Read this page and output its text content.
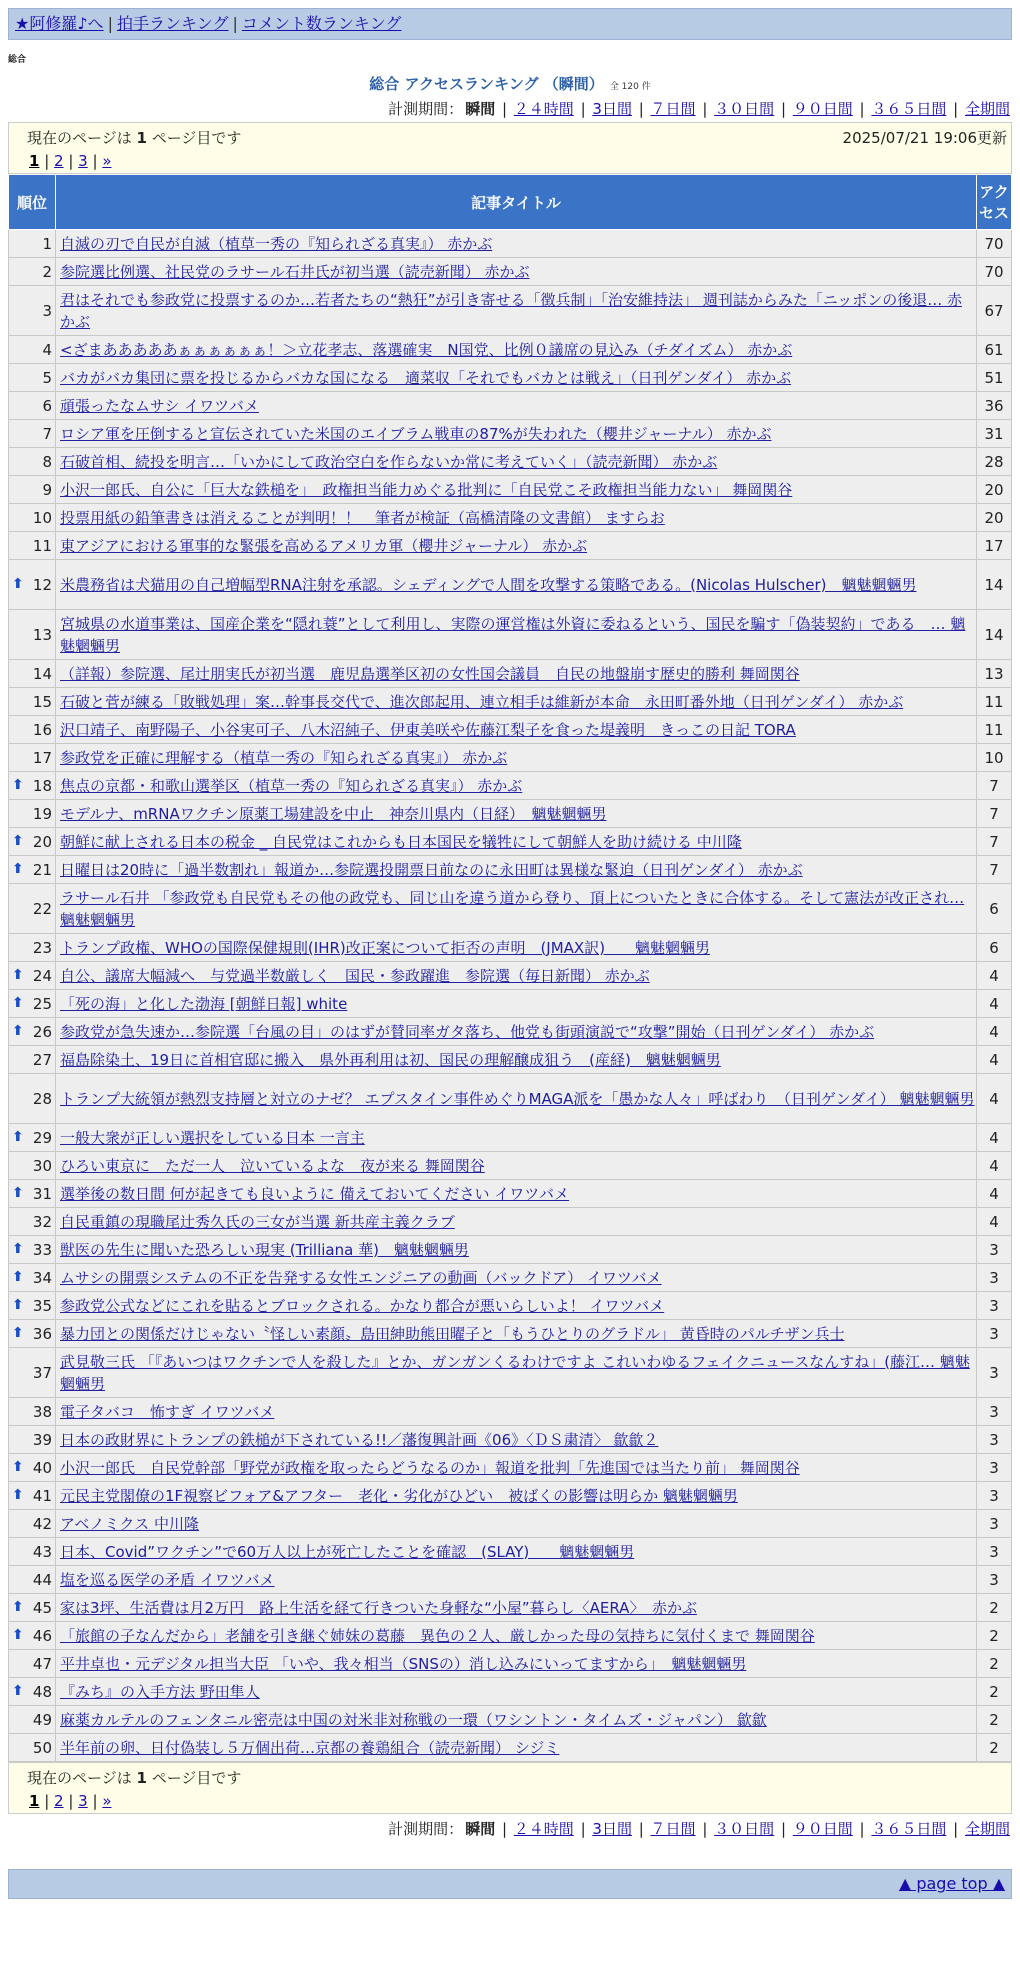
★阿修羅♪へ | 拍手ランキング | コメント数ランキング
総合
総合 アクセスランキング （瞬間） 全 120 件
計測期間： 瞬間 | ２４時間 | 3日間 | ７日間 | ３０日間 | ９０日間 | ３６５日間 | 全期間
現在のページは 1 ページ目です	2025/07/21 19:06更新
1 | 2 | 3 | »
順位	記事タイトル	アクセス
1	自滅の刃で自民が自滅（植草一秀の『知られざる真実』） 赤かぶ	70
2	参院選比例選、社民党のラサール石井氏が初当選（読売新聞） 赤かぶ	70
3	君はそれでも参政党に投票するのか…若者たちの“熱狂”が引き寄せる「徴兵制」「治安維持法」 週刊誌からみた「ニッポンの後退… 赤かぶ	67
4	<ざまあああああぁぁぁぁぁぁ！＞立花孝志、落選確実　N国党、比例０議席の見込み（チダイズム） 赤かぶ	61
5	バカがバカ集団に票を投じるからバカな国になる　適菜収「それでもバカとは戦え」（日刊ゲンダイ） 赤かぶ	51
6	頑張ったなムサシ イワツバメ	36
7	ロシア軍を圧倒すると宣伝されていた米国のエイブラム戦車の87%が失われた（櫻井ジャーナル） 赤かぶ	31
8	石破首相、続投を明言…「いかにして政治空白を作らないか常に考えていく」（読売新聞） 赤かぶ	28
9	小沢一郎氏、自公に「巨大な鉄槌を」　政権担当能力めぐる批判に「自民党こそ政権担当能力ない」 舞岡関谷	20
10	投票用紙の鉛筆書きは消えることが判明！！　筆者が検証（高橋清隆の文書館） ますらお	20
11	東アジアにおける軍事的な緊張を高めるアメリカ軍（櫻井ジャーナル） 赤かぶ	17

⬆ 12	米農務省は犬猫用の自己増幅型RNA注射を承認。シェディングで人間を攻撃する策略である。(Nicolas Hulscher)　魑魅魍魎男	14
13	宮城県の水道事業は、国産企業を“隠れ蓑”として利用し、実際の運営権は外資に委ねるという、国民を騙す「偽装契約」である　… 魑魅魍魎男	14
14	（詳報）参院選、尾辻朋実氏が初当選　鹿児島選挙区初の女性国会議員　自民の地盤崩す歴史的勝利 舞岡関谷	13
15	石破と菅が練る「敗戦処理」案…幹事長交代で、進次郎起用、連立相手は維新が本命　永田町番外地（日刊ゲンダイ） 赤かぶ	11
16	沢口靖子、南野陽子、小谷実可子、八木沼純子、伊東美咲や佐藤江梨子を食った堤義明　きっこの日記 TORA	11
17	参政党を正確に理解する（植草一秀の『知られざる真実』） 赤かぶ	10

⬆ 18	焦点の京都・和歌山選挙区（植草一秀の『知られざる真実』） 赤かぶ	7
19	モデルナ、mRNAワクチン原薬工場建設を中止　神奈川県内（日経）　魑魅魍魎男	7

⬆ 20	朝鮮に献上される日本の税金 _ 自民党はこれからも日本国民を犠牲にして朝鮮人を助け続ける 中川隆	7

⬆ 21	日曜日は20時に「過半数割れ」報道か…参院選投開票日前なのに永田町は異様な緊迫（日刊ゲンダイ） 赤かぶ	7
22	ラサール石井 「参政党も自民党もその他の政党も、同じ山を違う道から登り、頂上についたときに合体する。そして憲法が改正され… 魑魅魍魎男	6
23	トランプ政権、WHOの国際保健規則(IHR)改正案について拒否の声明　(JMAX訳)　　魑魅魍魎男	6

⬆ 24	自公、議席大幅減へ　与党過半数厳しく　国民・参政躍進　参院選（毎日新聞） 赤かぶ	4

⬆ 25	「死の海」と化した渤海 [朝鮮日報] white	4

⬆ 26	参政党が急失速か…参院選「台風の目」のはずが賛同率ガタ落ち、他党も街頭演説で“攻撃”開始（日刊ゲンダイ） 赤かぶ	4
27	福島除染土、19日に首相官邸に搬入　県外再利用は初、国民の理解醸成狙う　(産経)　魑魅魍魎男	4
28	トランプ大統領が熱烈支持層と対立のナゼ？ エプスタイン事件めぐりMAGA派を「愚かな人々」呼ばわり　（日刊ゲンダイ） 魑魅魍魎男	4

⬆ 29	一般大衆が正しい選択をしている日本 一言主	4
30	ひろい東京に　ただ一人　泣いているよな　夜が来る 舞岡関谷	4

⬆ 31	選挙後の数日間 何が起きても良いように 備えておいてください イワツバメ	4
32	自民重鎮の現職尾辻秀久氏の三女が当選 新共産主義クラブ	4

⬆ 33	獣医の先生に聞いた恐ろしい現実 (Trilliana 華)　魑魅魍魎男	3

⬆ 34	ムサシの開票システムの不正を告発する女性エンジニアの動画（バックドア） イワツバメ	3

⬆ 35	参政党公式などにこれを貼るとブロックされる。かなり都合が悪いらしいよ！ イワツバメ	3

⬆ 36	暴力団との関係だけじゃない〝怪しい素顔〟島田紳助熊田曜子と「もうひとりのグラドル」 黄昏時のパルチザン兵士	3
37	武見敬三氏 「『あいつはワクチンで人を殺した』とか、ガンガンくるわけですよ これいわゆるフェイクニュースなんすね」(藤江… 魑魅魍魎男	3
38	電子タバコ　怖すぎ イワツバメ	3
39	日本の政財界にトランプの鉄槌が下されている!!／藩復興計画《06》〈ＤＳ粛清〉 歙歙２	3

⬆ 40	小沢一郎氏　自民党幹部「野党が政権を取ったらどうなるのか」報道を批判「先進国では当たり前」 舞岡関谷	3

⬆ 41	元民主党閣僚の1F視察ビフォア&アフター　老化・劣化がひどい　被ばくの影響は明らか 魑魅魍魎男	3
42	アベノミクス 中川隆	3
43	日本、Covid”ワクチン”で60万人以上が死亡したことを確認　(SLAY)　　魑魅魍魎男	3
44	塩を巡る医学の矛盾 イワツバメ	3

⬆ 45	家は3坪、生活費は月2万円　路上生活を経て行きついた身軽な“小屋”暮らし〈AERA〉　赤かぶ	2

⬆ 46	「旅館の子なんだから」老舗を引き継ぐ姉妹の葛藤　異色の２人、厳しかった母の気持ちに気付くまで 舞岡関谷	2
47	平井卓也・元デジタル担当大臣 「いや、我々相当（SNSの）消し込みにいってますから」　魑魅魍魎男	2

⬆ 48	『みち』の入手方法 野田隼人	2
49	麻薬カルテルのフェンタニル密売は中国の対米非対称戦の一環（ワシントン・タイムズ・ジャパン） 歙歙	2
50	半年前の卵、日付偽装し５万個出荷…京都の養鶏組合（読売新聞） シジミ	2
現在のページは 1 ページ目です
1 | 2 | 3 | »
計測期間： 瞬間 | ２４時間 | 3日間 | ７日間 | ３０日間 | ９０日間 | ３６５日間 | 全期間
▲ page top ▲
